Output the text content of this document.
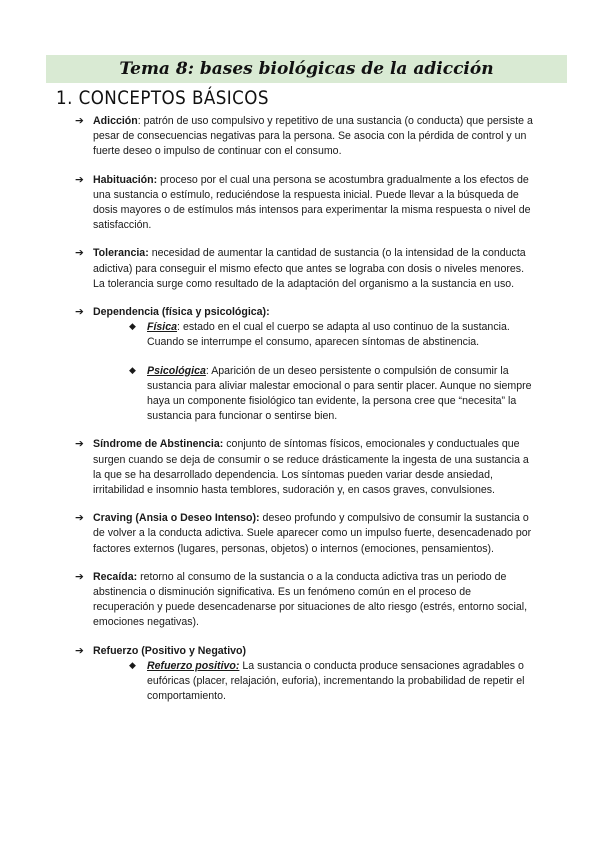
Tema 8: bases biológicas de la adicción
1. CONCEPTOS BÁSICOS
➔ Adicción: patrón de uso compulsivo y repetitivo de una sustancia (o conducta) que persiste a pesar de consecuencias negativas para la persona. Se asocia con la pérdida de control y un fuerte deseo o impulso de continuar con el consumo.
➔ Habituación: proceso por el cual una persona se acostumbra gradualmente a los efectos de una sustancia o estímulo, reduciéndose la respuesta inicial. Puede llevar a la búsqueda de dosis mayores o de estímulos más intensos para experimentar la misma respuesta o nivel de satisfacción.
➔ Tolerancia: necesidad de aumentar la cantidad de sustancia (o la intensidad de la conducta adictiva) para conseguir el mismo efecto que antes se lograba con dosis o niveles menores. La tolerancia surge como resultado de la adaptación del organismo a la sustancia en uso.
➔ Dependencia (física y psicológica):
◆ Física: estado en el cual el cuerpo se adapta al uso continuo de la sustancia. Cuando se interrumpe el consumo, aparecen síntomas de abstinencia.
◆ Psicológica: Aparición de un deseo persistente o compulsión de consumir la sustancia para aliviar malestar emocional o para sentir placer. Aunque no siempre haya un componente fisiológico tan evidente, la persona cree que “necesita” la sustancia para funcionar o sentirse bien.
➔ Síndrome de Abstinencia: conjunto de síntomas físicos, emocionales y conductuales que surgen cuando se deja de consumir o se reduce drásticamente la ingesta de una sustancia a la que se ha desarrollado dependencia. Los síntomas pueden variar desde ansiedad, irritabilidad e insomnio hasta temblores, sudoración y, en casos graves, convulsiones.
➔ Craving (Ansia o Deseo Intenso): deseo profundo y compulsivo de consumir la sustancia o de volver a la conducta adictiva. Suele aparecer como un impulso fuerte, desencadenado por factores externos (lugares, personas, objetos) o internos (emociones, pensamientos).
➔ Recaída: retorno al consumo de la sustancia o a la conducta adictiva tras un periodo de abstinencia o disminución significativa. Es un fenómeno común en el proceso de recuperación y puede desencadenarse por situaciones de alto riesgo (estrés, entorno social, emociones negativas).
➔ Refuerzo (Positivo y Negativo)
◆ Refuerzo positivo: La sustancia o conducta produce sensaciones agradables o eufóricas (placer, relajación, euforia), incrementando la probabilidad de repetir el comportamiento.
